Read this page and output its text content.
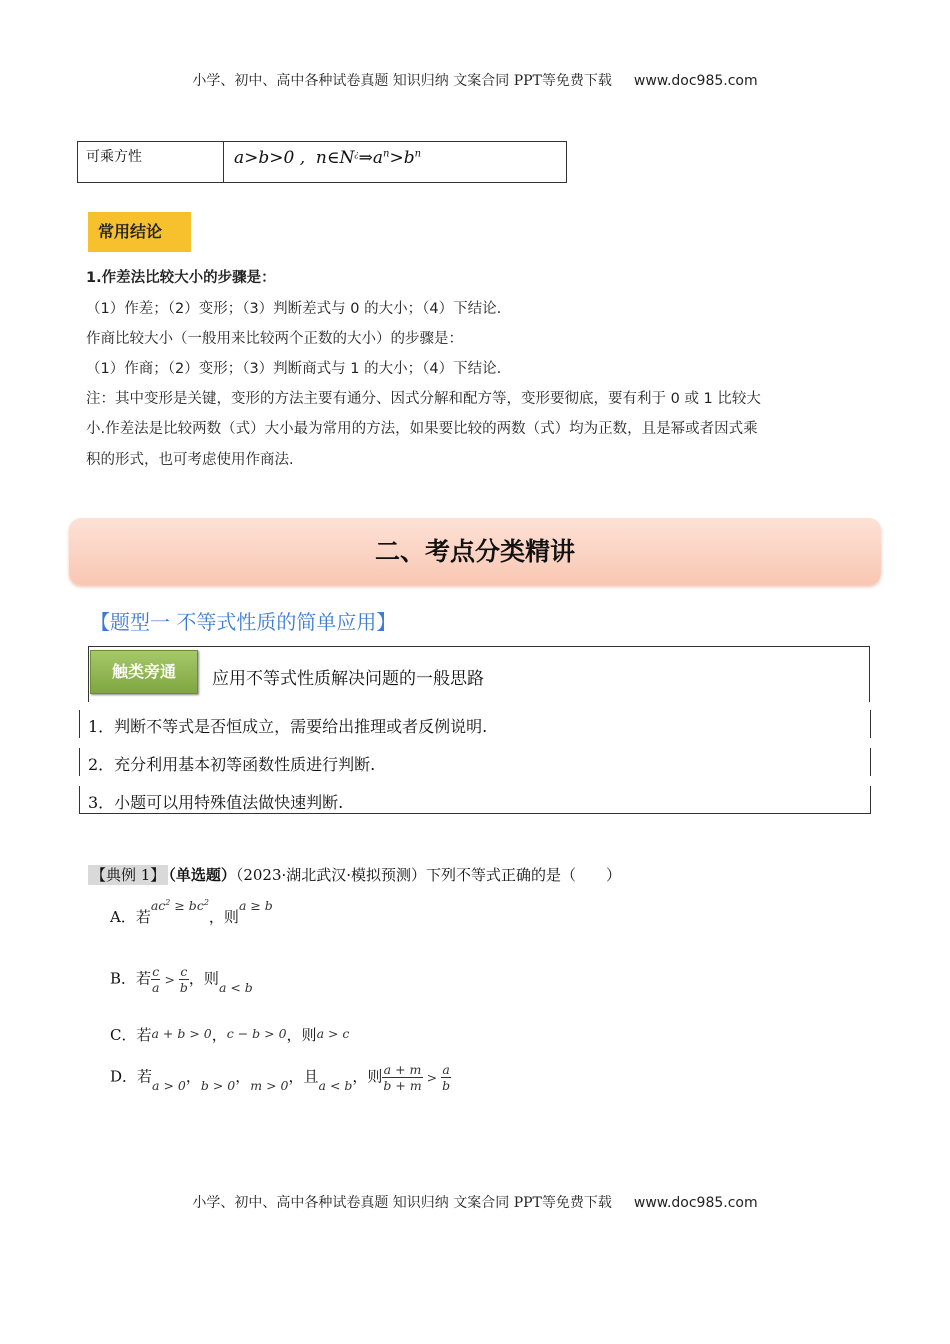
小学、初中、高中各种试卷真题 知识归纳 文案合同 PPT等免费下载 www.doc985.com
可乘方性	a>b>0 ,  $n\in N^¿\Rightarrow a^n>b^n$
常用结论
1.作差法比较大小的步骤是：
（1）作差；（2）变形；（3）判断差式与 0 的大小；（4）下结论.
作商比较大小（一般用来比较两个正数的大小）的步骤是：
（1）作商；（2）变形；（3）判断商式与 1 的大小；（4）下结论.
注：其中变形是关键，变形的方法主要有通分、因式分解和配方等，变形要彻底，要有利于 0 或 1 比较大
小.作差法是比较两数（式）大小最为常用的方法，如果要比较的两数（式）均为正数，且是幂或者因式乘
积的形式，也可考虑使用作商法.
二、考点分类精讲
【题型一 不等式性质的简单应用】
触类旁通	应用不等式性质解决问题的一般思路
1．判断不等式是否恒成立，需要给出推理或者反例说明.
2．充分利用基本初等函数性质进行判断.
3．小题可以用特殊值法做快速判断.
【典例 1】 （单选题）（2023·湖北武汉·模拟预测）下列不等式正确的是（　　）
A．若$^{ac^2 \ge bc^2}$，则$^{a \ge b}$
B．若 $\frac{c}{a} > \frac{c}{b}$ ，则$_{a < b}$
C．若a + b > 0，c − b > 0，则a > c
D．若$_{a > 0}$，$_{b > 0}$，$_{m > 0}$，且$_{a < b}$，则 $\frac{a + m}{b + m} > \frac{a}{b}$
小学、初中、高中各种试卷真题 知识归纳 文案合同 PPT等免费下载 www.doc985.com
